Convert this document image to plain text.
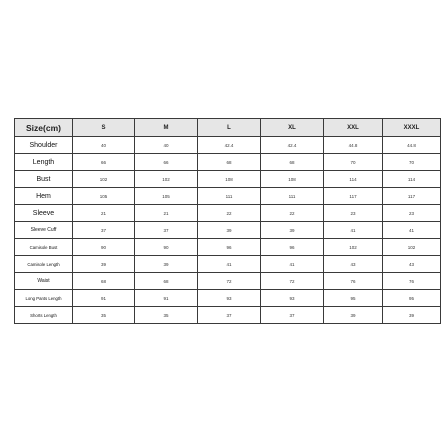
Size(cm)	S	M	L	XL	XXL	XXXL
Shoulder	40	40	42.4	42.4	44.8	44.8
Length	66	66	68	68	70	70
Bust	102	102	108	108	114	114
Hem	105	105	111	111	117	117
Sleeve	21	21	22	22	23	23
Sleeve Cuff	37	37	39	39	41	41
Camisole Bust	90	90	96	96	102	102
Camisole Length	39	39	41	41	43	43
Waist	68	68	72	72	76	76
Long Pants Length	91	91	93	93	95	95
Shorts Length	35	35	37	37	39	39
